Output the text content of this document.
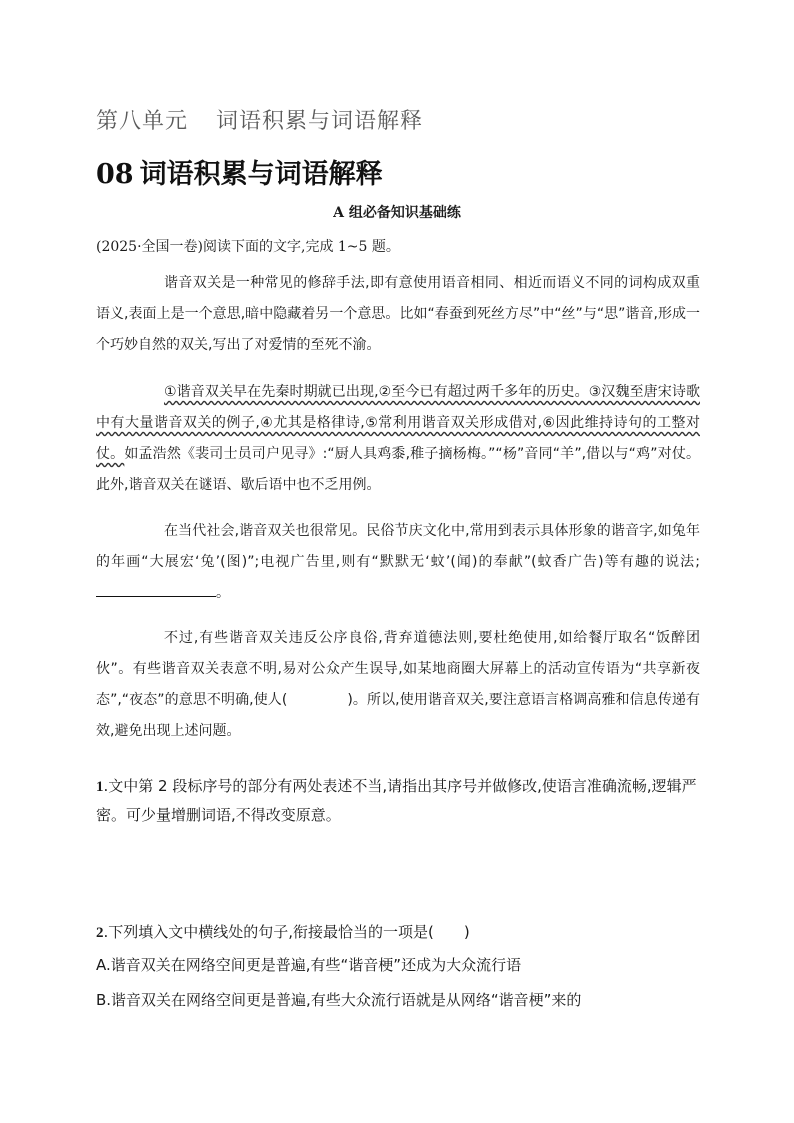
第八单元 词语积累与词语解释
08 词语积累与词语解释
A 组必备知识基础练
(2025·全国一卷)阅读下面的文字,完成 1~5 题。

谐音双关是一种常见的修辞手法,即有意使用语音相同、相近而语义不同的词构成双重语义,表面上是一个意思,暗中隐藏着另一个意思。比如“春蚕到死丝方尽”中“丝”与“思”谐音,形成一个巧妙自然的双关,写出了对爱情的至死不渝。

①谐音双关早在先秦时期就已出现,②至今已有超过两千多年的历史。③汉魏至唐宋诗歌中有大量谐音双关的例子,④尤其是格律诗,⑤常利用谐音双关形成借对,⑥因此维持诗句的工整对仗。如孟浩然《裴司士员司户见寻》:“厨人具鸡黍,稚子摘杨梅。”“杨”音同“羊”,借以与“鸡”对仗。此外,谐音双关在谜语、歇后语中也不乏用例。

在当代社会,谐音双关也很常见。民俗节庆文化中,常用到表示具体形象的谐音字,如兔年的年画“大展宏‘兔’(图)”;电视广告里,则有“默默无‘蚊’(闻)的奉献”(蚊香广告)等有趣的说法;。

不过,有些谐音双关违反公序良俗,背弃道德法则,要杜绝使用,如给餐厅取名“饭醉团伙”。有些谐音双关表意不明,易对公众产生误导,如某地商圈大屏幕上的活动宣传语为“共享新夜态”,“夜态”的意思不明确,使人(	)。所以,使用谐音双关,要注意语言格调高雅和信息传递有效,避免出现上述问题。

1.文中第 2 段标序号的部分有两处表述不当,请指出其序号并做修改,使语言准确流畅,逻辑严密。可少量增删词语,不得改变原意。
2.下列填入文中横线处的句子,衔接最恰当的一项是(　　)
A.谐音双关在网络空间更是普遍,有些“谐音梗”还成为大众流行语
B.谐音双关在网络空间更是普遍,有些大众流行语就是从网络“谐音梗”来的
